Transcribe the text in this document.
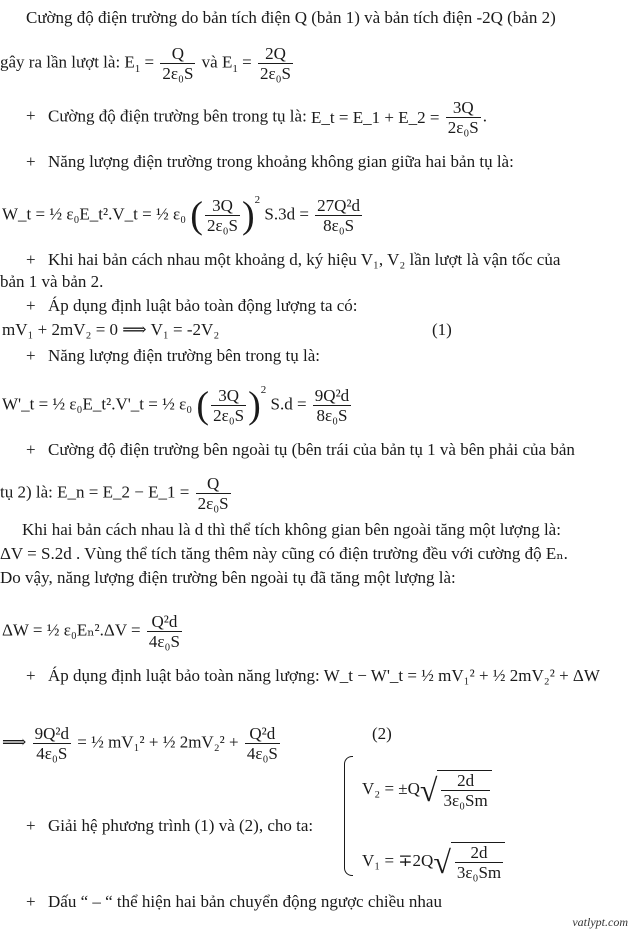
Cường độ điện trường do bản tích điện Q (bản 1) và bản tích điện -2Q (bản 2)
gây ra lần lượt là: $E_1 = \frac{Q}{\text{2ε₀S}}$ và $E_1 = \frac{2Q}{\text{2ε₀S}}$
+ Cường độ điện trường bên trong tụ là: E_t = E_1 + E_2 = $\frac{3Q}{\text{2ε₀S}}$ .
+ Năng lượng điện trường trong khoảng không gian giữa hai bản tụ là:
W_t = ½ ε₀E_t².V_t = ½ ε₀ ( $\frac{3Q}{\text{2ε₀S}} )^2$ $S.3d = \frac{\text{27Q²d}}{\text{8ε₀S}}$
+ Khi hai bản cách nhau một khoảng d, ký hiệu V₁, V₂ lần lượt là vận tốc của
bản 1 và bản 2.
+ Áp dụng định luật bảo toàn động lượng ta có:
mV₁ + 2mV₂ = 0 ⟹ V₁ = -2V₂	(1)
+ Năng lượng điện trường bên trong tụ là:
W'_t = ½ ε₀E_t².V'_t = ½ ε₀ ( $\frac{3Q}{\text{2ε₀S}} )^2$ $S.d = \frac{\text{9Q²d}}{\text{8ε₀S}}$
+ Cường độ điện trường bên ngoài tụ (bên trái của bản tụ 1 và bên phải của bản
tụ 2) là: E_n = E_2 − E_1 = $\frac{Q}{\text{2ε₀S}}$
Khi hai bản cách nhau là d thì thể tích không gian bên ngoài tăng một lượng là:
ΔV = S.2d . Vùng thể tích tăng thêm này cũng có điện trường đều với cường độ Eₙ.
Do vậy, năng lượng điện trường bên ngoài tụ đã tăng một lượng là:
ΔW = ½ $\varepsilon_0E_n^2.\Delta V = \frac{\text{Q²d}}{\text{4ε₀S}}$
+ Áp dụng định luật bảo toàn năng lượng: W_t − W'_t = ½ mV₁² + ½ 2mV₂² + ΔW
⟹ $\frac{\text{9Q²d}}{\text{4ε₀S}}$ = ½ mV₁² + ½ $2mV_2^2 + \frac{\text{Q²d}}{\text{4ε₀S}}$	(2)
+ Giải hệ phương trình (1) và (2), cho ta:
$V_2 = \pm Q√ \frac{2d}{\text{3ε₀Sm}}$
$V_1 = \mp 2Q√ \frac{2d}{\text{3ε₀Sm}}$
+ Dấu “ – “ thể hiện hai bản chuyển động ngược chiều nhau
vatlypt.com
